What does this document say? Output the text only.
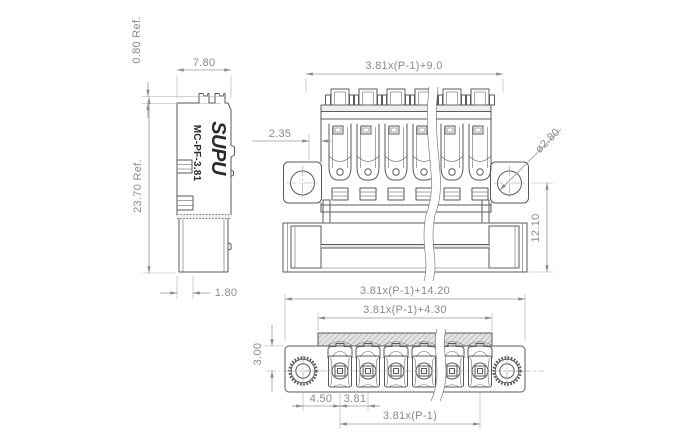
SUPU
MC-PF-3.81
7.80
0.80 Ref.
23.70 Ref.
1.80
3.81x(P-1)+9.0
2.35	ø2.80
12.10
3.81x(P-1)+14.20
3.81x(P-1)+4.30
3.00
4.50 3.81
3.81x(P-1)
